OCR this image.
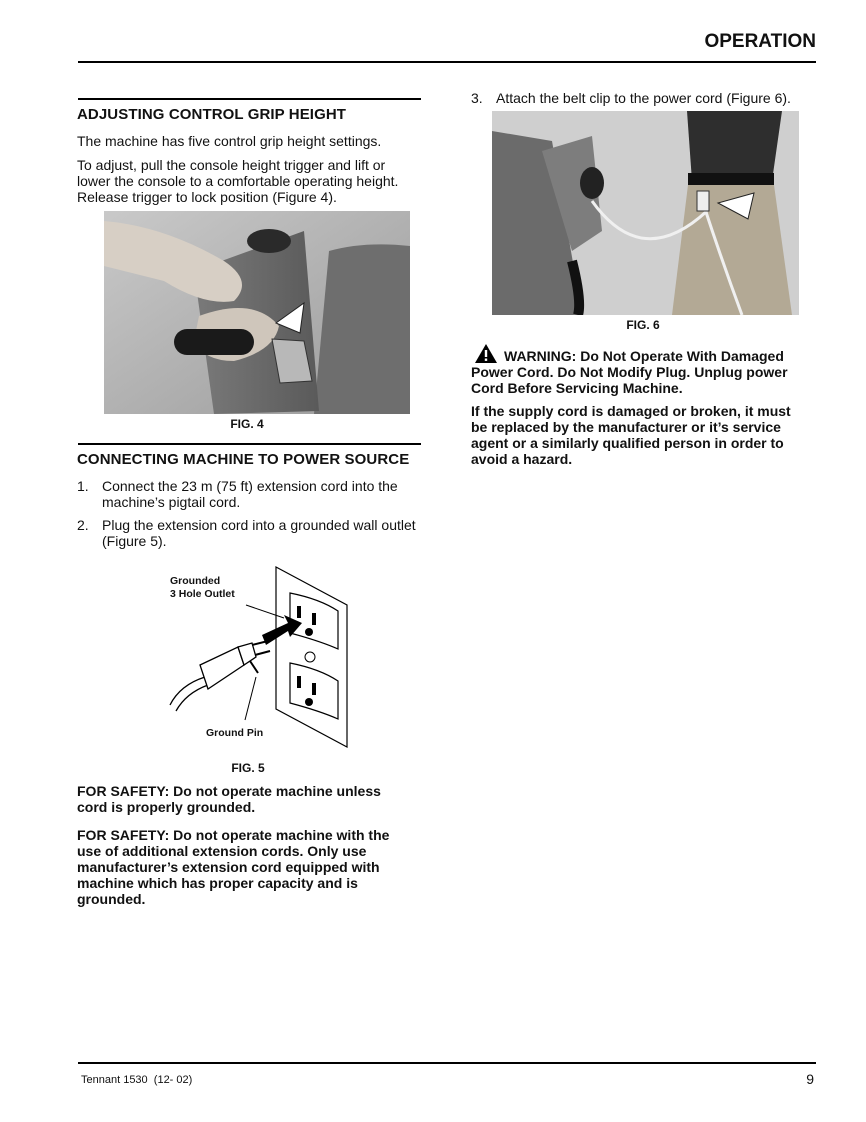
OPERATION
ADJUSTING CONTROL GRIP HEIGHT

The machine has five control grip height settings.

To adjust, pull the console height trigger and lift or lower the console to a comfortable operating height. Release trigger to lock position (Figure 4).

FIG. 4
CONNECTING MACHINE TO POWER SOURCE
1. Connect the 23 m (75 ft) extension cord into the machine’s pigtail cord.
2. Plug the extension cord into a grounded wall outlet (Figure 5).
Grounded
3 Hole Outlet
Ground Pin
FIG. 5

FOR SAFETY: Do not operate machine unless cord is properly grounded.

FOR SAFETY: Do not operate machine with the use of additional extension cords. Only use manufacturer’s extension cord equipped with machine which has proper capacity and is grounded.

3. Attach the belt clip to the power cord (Figure 6).
FIG. 6

WARNING: Do Not Operate With Damaged Power Cord. Do Not Modify Plug. Unplug power Cord Before Servicing Machine.

If the supply cord is damaged or broken, it must be replaced by the manufacturer or it’s service agent or a similarly qualified person in order to avoid a hazard.

Tennant 1530  (12- 02)	9
